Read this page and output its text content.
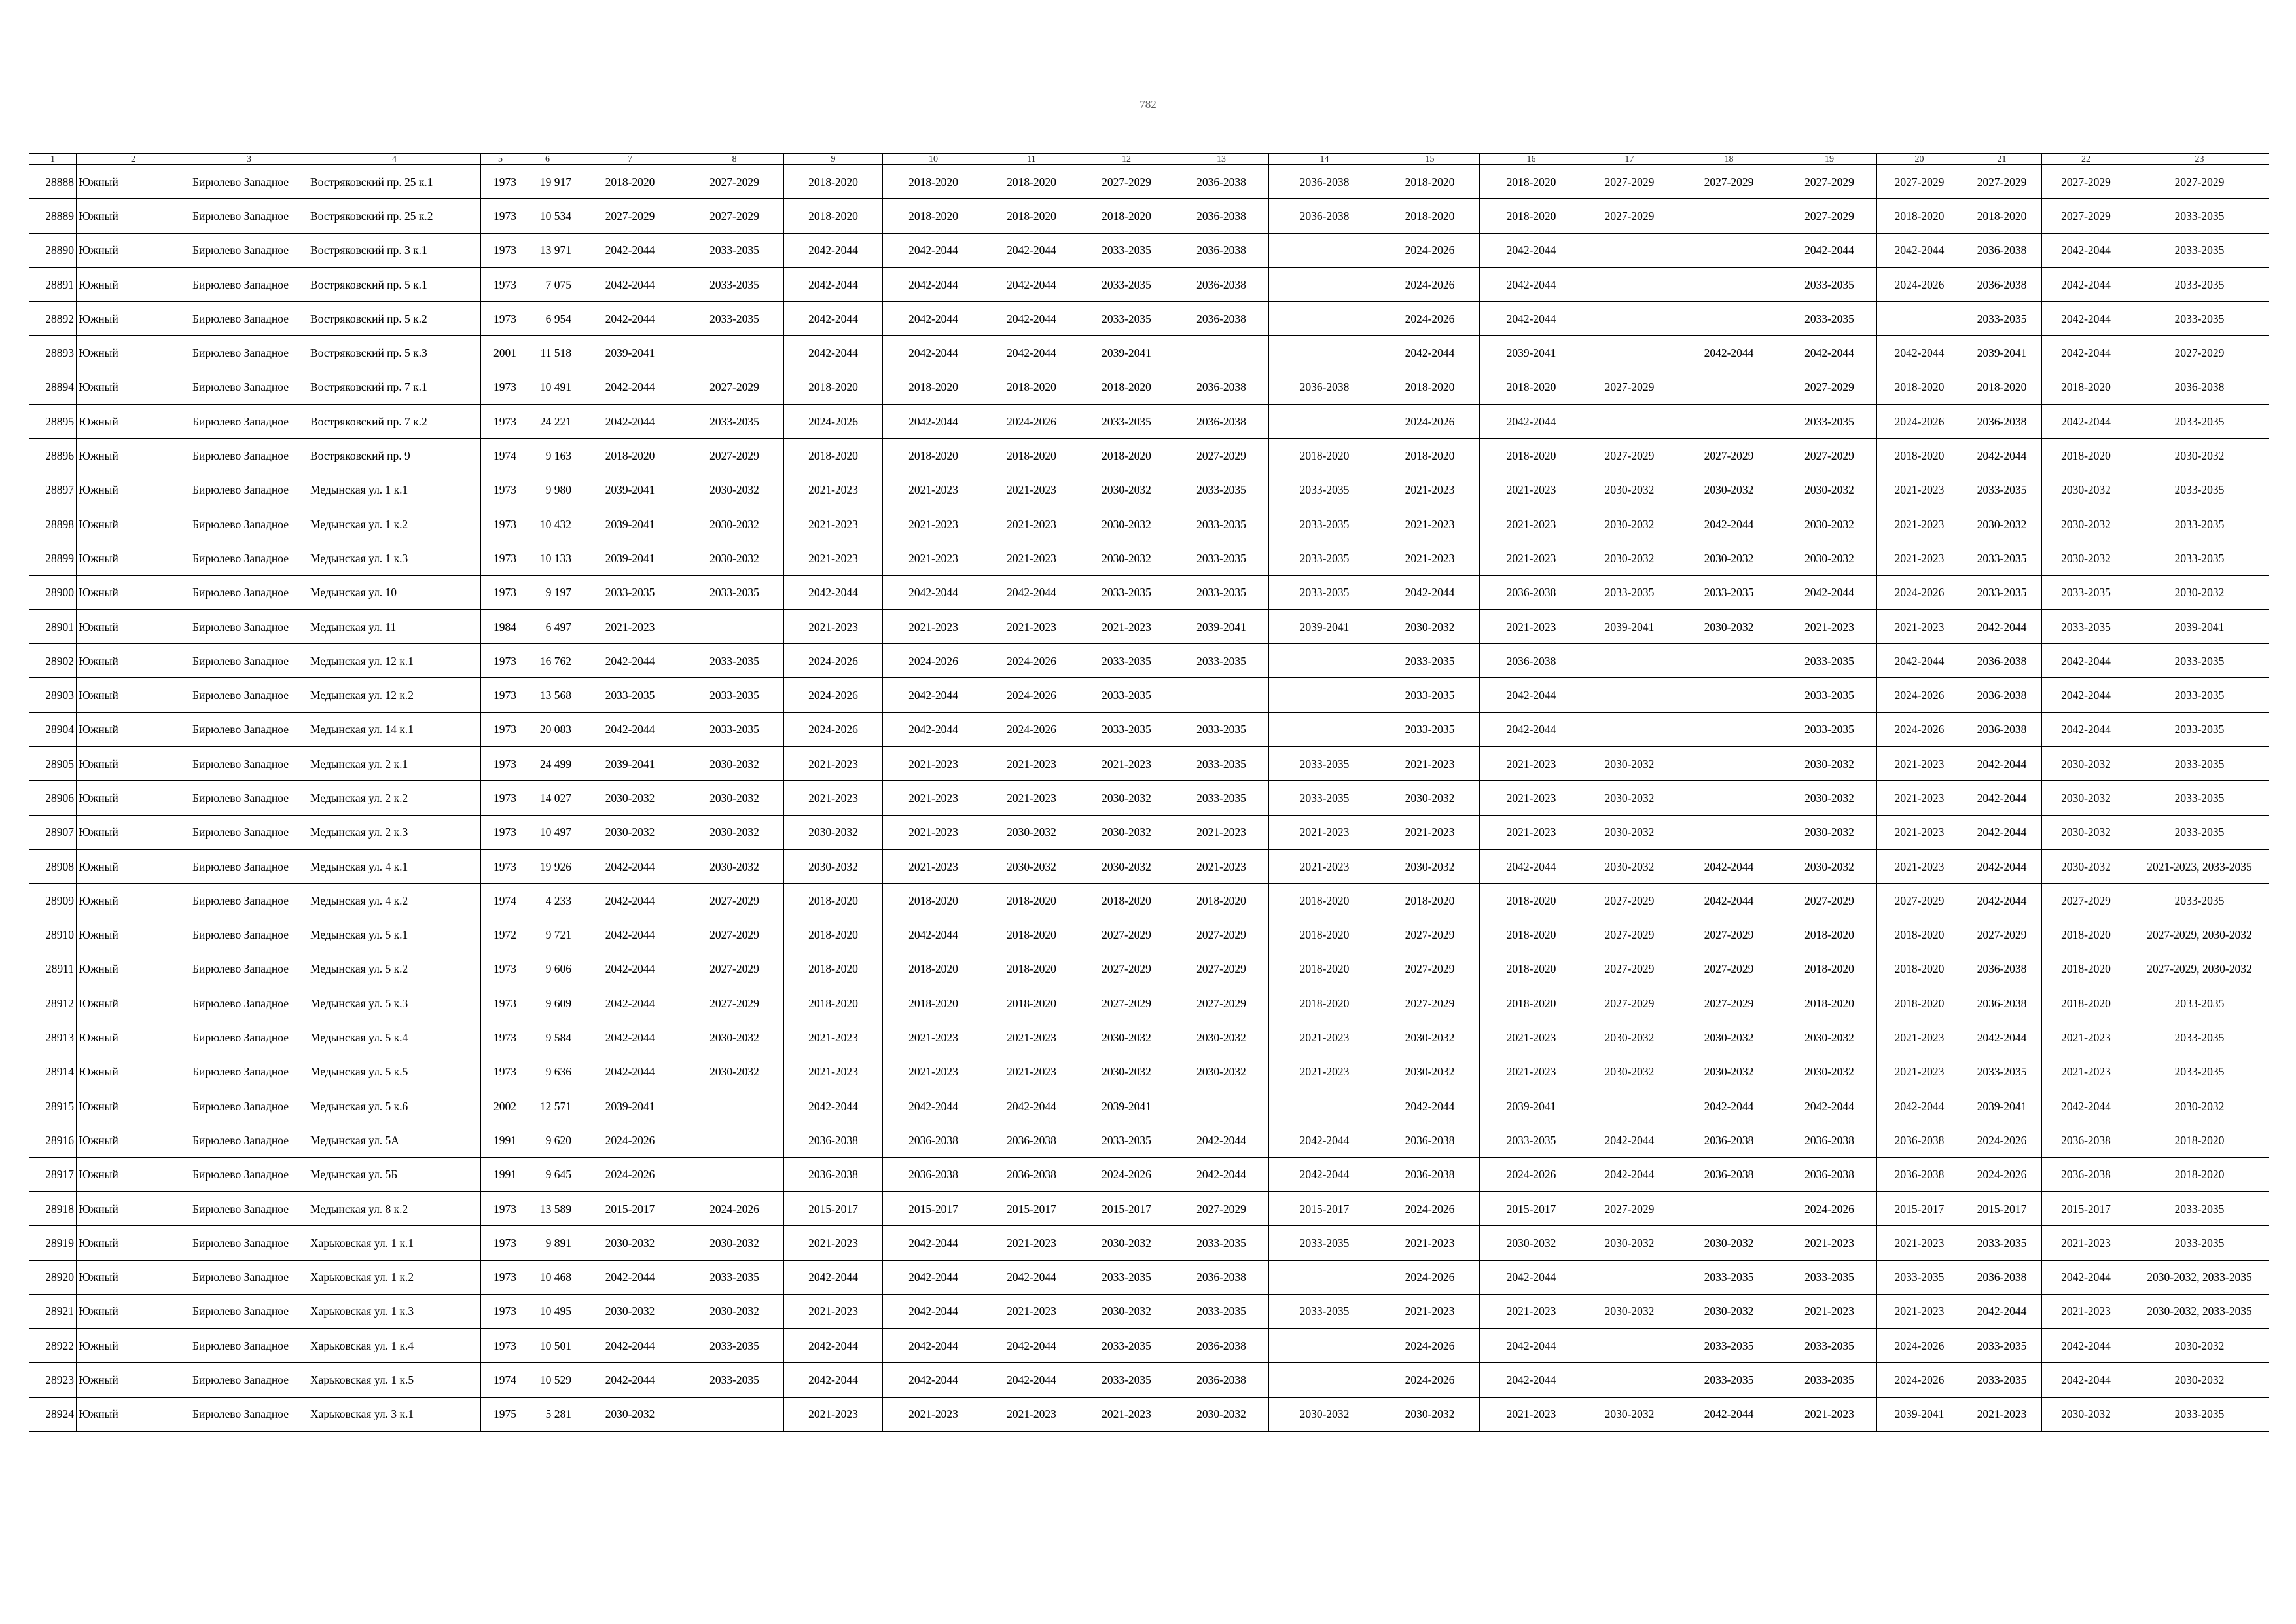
782
1	2	3	4	5	6	7	8	9	10	11	12	13	14	15	16	17	18	19	20	21	22	23
28888	Южный	Бирюлево Западное	Востряковский пр. 25 к.1	1973	19 917	2018-2020	2027-2029	2018-2020	2018-2020	2018-2020	2027-2029	2036-2038	2036-2038	2018-2020	2018-2020	2027-2029	2027-2029	2027-2029	2027-2029	2027-2029	2027-2029	2027-2029
28889	Южный	Бирюлево Западное	Востряковский пр. 25 к.2	1973	10 534	2027-2029	2027-2029	2018-2020	2018-2020	2018-2020	2018-2020	2036-2038	2036-2038	2018-2020	2018-2020	2027-2029		2027-2029	2018-2020	2018-2020	2027-2029	2033-2035
28890	Южный	Бирюлево Западное	Востряковский пр. 3 к.1	1973	13 971	2042-2044	2033-2035	2042-2044	2042-2044	2042-2044	2033-2035	2036-2038		2024-2026	2042-2044			2042-2044	2042-2044	2036-2038	2042-2044	2033-2035
28891	Южный	Бирюлево Западное	Востряковский пр. 5 к.1	1973	7 075	2042-2044	2033-2035	2042-2044	2042-2044	2042-2044	2033-2035	2036-2038		2024-2026	2042-2044			2033-2035	2024-2026	2036-2038	2042-2044	2033-2035
28892	Южный	Бирюлево Западное	Востряковский пр. 5 к.2	1973	6 954	2042-2044	2033-2035	2042-2044	2042-2044	2042-2044	2033-2035	2036-2038		2024-2026	2042-2044			2033-2035		2033-2035	2042-2044	2033-2035
28893	Южный	Бирюлево Западное	Востряковский пр. 5 к.3	2001	11 518	2039-2041		2042-2044	2042-2044	2042-2044	2039-2041			2042-2044	2039-2041		2042-2044	2042-2044	2042-2044	2039-2041	2042-2044	2027-2029
28894	Южный	Бирюлево Западное	Востряковский пр. 7 к.1	1973	10 491	2042-2044	2027-2029	2018-2020	2018-2020	2018-2020	2018-2020	2036-2038	2036-2038	2018-2020	2018-2020	2027-2029		2027-2029	2018-2020	2018-2020	2018-2020	2036-2038
28895	Южный	Бирюлево Западное	Востряковский пр. 7 к.2	1973	24 221	2042-2044	2033-2035	2024-2026	2042-2044	2024-2026	2033-2035	2036-2038		2024-2026	2042-2044			2033-2035	2024-2026	2036-2038	2042-2044	2033-2035
28896	Южный	Бирюлево Западное	Востряковский пр. 9	1974	9 163	2018-2020	2027-2029	2018-2020	2018-2020	2018-2020	2018-2020	2027-2029	2018-2020	2018-2020	2018-2020	2027-2029	2027-2029	2027-2029	2018-2020	2042-2044	2018-2020	2030-2032
28897	Южный	Бирюлево Западное	Медынская ул. 1 к.1	1973	9 980	2039-2041	2030-2032	2021-2023	2021-2023	2021-2023	2030-2032	2033-2035	2033-2035	2021-2023	2021-2023	2030-2032	2030-2032	2030-2032	2021-2023	2033-2035	2030-2032	2033-2035
28898	Южный	Бирюлево Западное	Медынская ул. 1 к.2	1973	10 432	2039-2041	2030-2032	2021-2023	2021-2023	2021-2023	2030-2032	2033-2035	2033-2035	2021-2023	2021-2023	2030-2032	2042-2044	2030-2032	2021-2023	2030-2032	2030-2032	2033-2035
28899	Южный	Бирюлево Западное	Медынская ул. 1 к.3	1973	10 133	2039-2041	2030-2032	2021-2023	2021-2023	2021-2023	2030-2032	2033-2035	2033-2035	2021-2023	2021-2023	2030-2032	2030-2032	2030-2032	2021-2023	2033-2035	2030-2032	2033-2035
28900	Южный	Бирюлево Западное	Медынская ул. 10	1973	9 197	2033-2035	2033-2035	2042-2044	2042-2044	2042-2044	2033-2035	2033-2035	2033-2035	2042-2044	2036-2038	2033-2035	2033-2035	2042-2044	2024-2026	2033-2035	2033-2035	2030-2032
28901	Южный	Бирюлево Западное	Медынская ул. 11	1984	6 497	2021-2023		2021-2023	2021-2023	2021-2023	2021-2023	2039-2041	2039-2041	2030-2032	2021-2023	2039-2041	2030-2032	2021-2023	2021-2023	2042-2044	2033-2035	2039-2041
28902	Южный	Бирюлево Западное	Медынская ул. 12 к.1	1973	16 762	2042-2044	2033-2035	2024-2026	2024-2026	2024-2026	2033-2035	2033-2035		2033-2035	2036-2038			2033-2035	2042-2044	2036-2038	2042-2044	2033-2035
28903	Южный	Бирюлево Западное	Медынская ул. 12 к.2	1973	13 568	2033-2035	2033-2035	2024-2026	2042-2044	2024-2026	2033-2035			2033-2035	2042-2044			2033-2035	2024-2026	2036-2038	2042-2044	2033-2035
28904	Южный	Бирюлево Западное	Медынская ул. 14 к.1	1973	20 083	2042-2044	2033-2035	2024-2026	2042-2044	2024-2026	2033-2035	2033-2035		2033-2035	2042-2044			2033-2035	2024-2026	2036-2038	2042-2044	2033-2035
28905	Южный	Бирюлево Западное	Медынская ул. 2 к.1	1973	24 499	2039-2041	2030-2032	2021-2023	2021-2023	2021-2023	2021-2023	2033-2035	2033-2035	2021-2023	2021-2023	2030-2032		2030-2032	2021-2023	2042-2044	2030-2032	2033-2035
28906	Южный	Бирюлево Западное	Медынская ул. 2 к.2	1973	14 027	2030-2032	2030-2032	2021-2023	2021-2023	2021-2023	2030-2032	2033-2035	2033-2035	2030-2032	2021-2023	2030-2032		2030-2032	2021-2023	2042-2044	2030-2032	2033-2035
28907	Южный	Бирюлево Западное	Медынская ул. 2 к.3	1973	10 497	2030-2032	2030-2032	2030-2032	2021-2023	2030-2032	2030-2032	2021-2023	2021-2023	2021-2023	2021-2023	2030-2032		2030-2032	2021-2023	2042-2044	2030-2032	2033-2035
28908	Южный	Бирюлево Западное	Медынская ул. 4 к.1	1973	19 926	2042-2044	2030-2032	2030-2032	2021-2023	2030-2032	2030-2032	2021-2023	2021-2023	2030-2032	2042-2044	2030-2032	2042-2044	2030-2032	2021-2023	2042-2044	2030-2032	2021-2023, 2033-2035
28909	Южный	Бирюлево Западное	Медынская ул. 4 к.2	1974	4 233	2042-2044	2027-2029	2018-2020	2018-2020	2018-2020	2018-2020	2018-2020	2018-2020	2018-2020	2018-2020	2027-2029	2042-2044	2027-2029	2027-2029	2042-2044	2027-2029	2033-2035
28910	Южный	Бирюлево Западное	Медынская ул. 5 к.1	1972	9 721	2042-2044	2027-2029	2018-2020	2042-2044	2018-2020	2027-2029	2027-2029	2018-2020	2027-2029	2018-2020	2027-2029	2027-2029	2018-2020	2018-2020	2027-2029	2018-2020	2027-2029, 2030-2032
28911	Южный	Бирюлево Западное	Медынская ул. 5 к.2	1973	9 606	2042-2044	2027-2029	2018-2020	2018-2020	2018-2020	2027-2029	2027-2029	2018-2020	2027-2029	2018-2020	2027-2029	2027-2029	2018-2020	2018-2020	2036-2038	2018-2020	2027-2029, 2030-2032
28912	Южный	Бирюлево Западное	Медынская ул. 5 к.3	1973	9 609	2042-2044	2027-2029	2018-2020	2018-2020	2018-2020	2027-2029	2027-2029	2018-2020	2027-2029	2018-2020	2027-2029	2027-2029	2018-2020	2018-2020	2036-2038	2018-2020	2033-2035
28913	Южный	Бирюлево Западное	Медынская ул. 5 к.4	1973	9 584	2042-2044	2030-2032	2021-2023	2021-2023	2021-2023	2030-2032	2030-2032	2021-2023	2030-2032	2021-2023	2030-2032	2030-2032	2030-2032	2021-2023	2042-2044	2021-2023	2033-2035
28914	Южный	Бирюлево Западное	Медынская ул. 5 к.5	1973	9 636	2042-2044	2030-2032	2021-2023	2021-2023	2021-2023	2030-2032	2030-2032	2021-2023	2030-2032	2021-2023	2030-2032	2030-2032	2030-2032	2021-2023	2033-2035	2021-2023	2033-2035
28915	Южный	Бирюлево Западное	Медынская ул. 5 к.6	2002	12 571	2039-2041		2042-2044	2042-2044	2042-2044	2039-2041			2042-2044	2039-2041		2042-2044	2042-2044	2042-2044	2039-2041	2042-2044	2030-2032
28916	Южный	Бирюлево Западное	Медынская ул. 5А	1991	9 620	2024-2026		2036-2038	2036-2038	2036-2038	2033-2035	2042-2044	2042-2044	2036-2038	2033-2035	2042-2044	2036-2038	2036-2038	2036-2038	2024-2026	2036-2038	2018-2020
28917	Южный	Бирюлево Западное	Медынская ул. 5Б	1991	9 645	2024-2026		2036-2038	2036-2038	2036-2038	2024-2026	2042-2044	2042-2044	2036-2038	2024-2026	2042-2044	2036-2038	2036-2038	2036-2038	2024-2026	2036-2038	2018-2020
28918	Южный	Бирюлево Западное	Медынская ул. 8 к.2	1973	13 589	2015-2017	2024-2026	2015-2017	2015-2017	2015-2017	2015-2017	2027-2029	2015-2017	2024-2026	2015-2017	2027-2029		2024-2026	2015-2017	2015-2017	2015-2017	2033-2035
28919	Южный	Бирюлево Западное	Харьковская ул. 1 к.1	1973	9 891	2030-2032	2030-2032	2021-2023	2042-2044	2021-2023	2030-2032	2033-2035	2033-2035	2021-2023	2030-2032	2030-2032	2030-2032	2021-2023	2021-2023	2033-2035	2021-2023	2033-2035
28920	Южный	Бирюлево Западное	Харьковская ул. 1 к.2	1973	10 468	2042-2044	2033-2035	2042-2044	2042-2044	2042-2044	2033-2035	2036-2038		2024-2026	2042-2044		2033-2035	2033-2035	2033-2035	2036-2038	2042-2044	2030-2032, 2033-2035
28921	Южный	Бирюлево Западное	Харьковская ул. 1 к.3	1973	10 495	2030-2032	2030-2032	2021-2023	2042-2044	2021-2023	2030-2032	2033-2035	2033-2035	2021-2023	2021-2023	2030-2032	2030-2032	2021-2023	2021-2023	2042-2044	2021-2023	2030-2032, 2033-2035
28922	Южный	Бирюлево Западное	Харьковская ул. 1 к.4	1973	10 501	2042-2044	2033-2035	2042-2044	2042-2044	2042-2044	2033-2035	2036-2038		2024-2026	2042-2044		2033-2035	2033-2035	2024-2026	2033-2035	2042-2044	2030-2032
28923	Южный	Бирюлево Западное	Харьковская ул. 1 к.5	1974	10 529	2042-2044	2033-2035	2042-2044	2042-2044	2042-2044	2033-2035	2036-2038		2024-2026	2042-2044		2033-2035	2033-2035	2024-2026	2033-2035	2042-2044	2030-2032
28924	Южный	Бирюлево Западное	Харьковская ул. 3 к.1	1975	5 281	2030-2032		2021-2023	2021-2023	2021-2023	2021-2023	2030-2032	2030-2032	2030-2032	2021-2023	2030-2032	2042-2044	2021-2023	2039-2041	2021-2023	2030-2032	2033-2035
